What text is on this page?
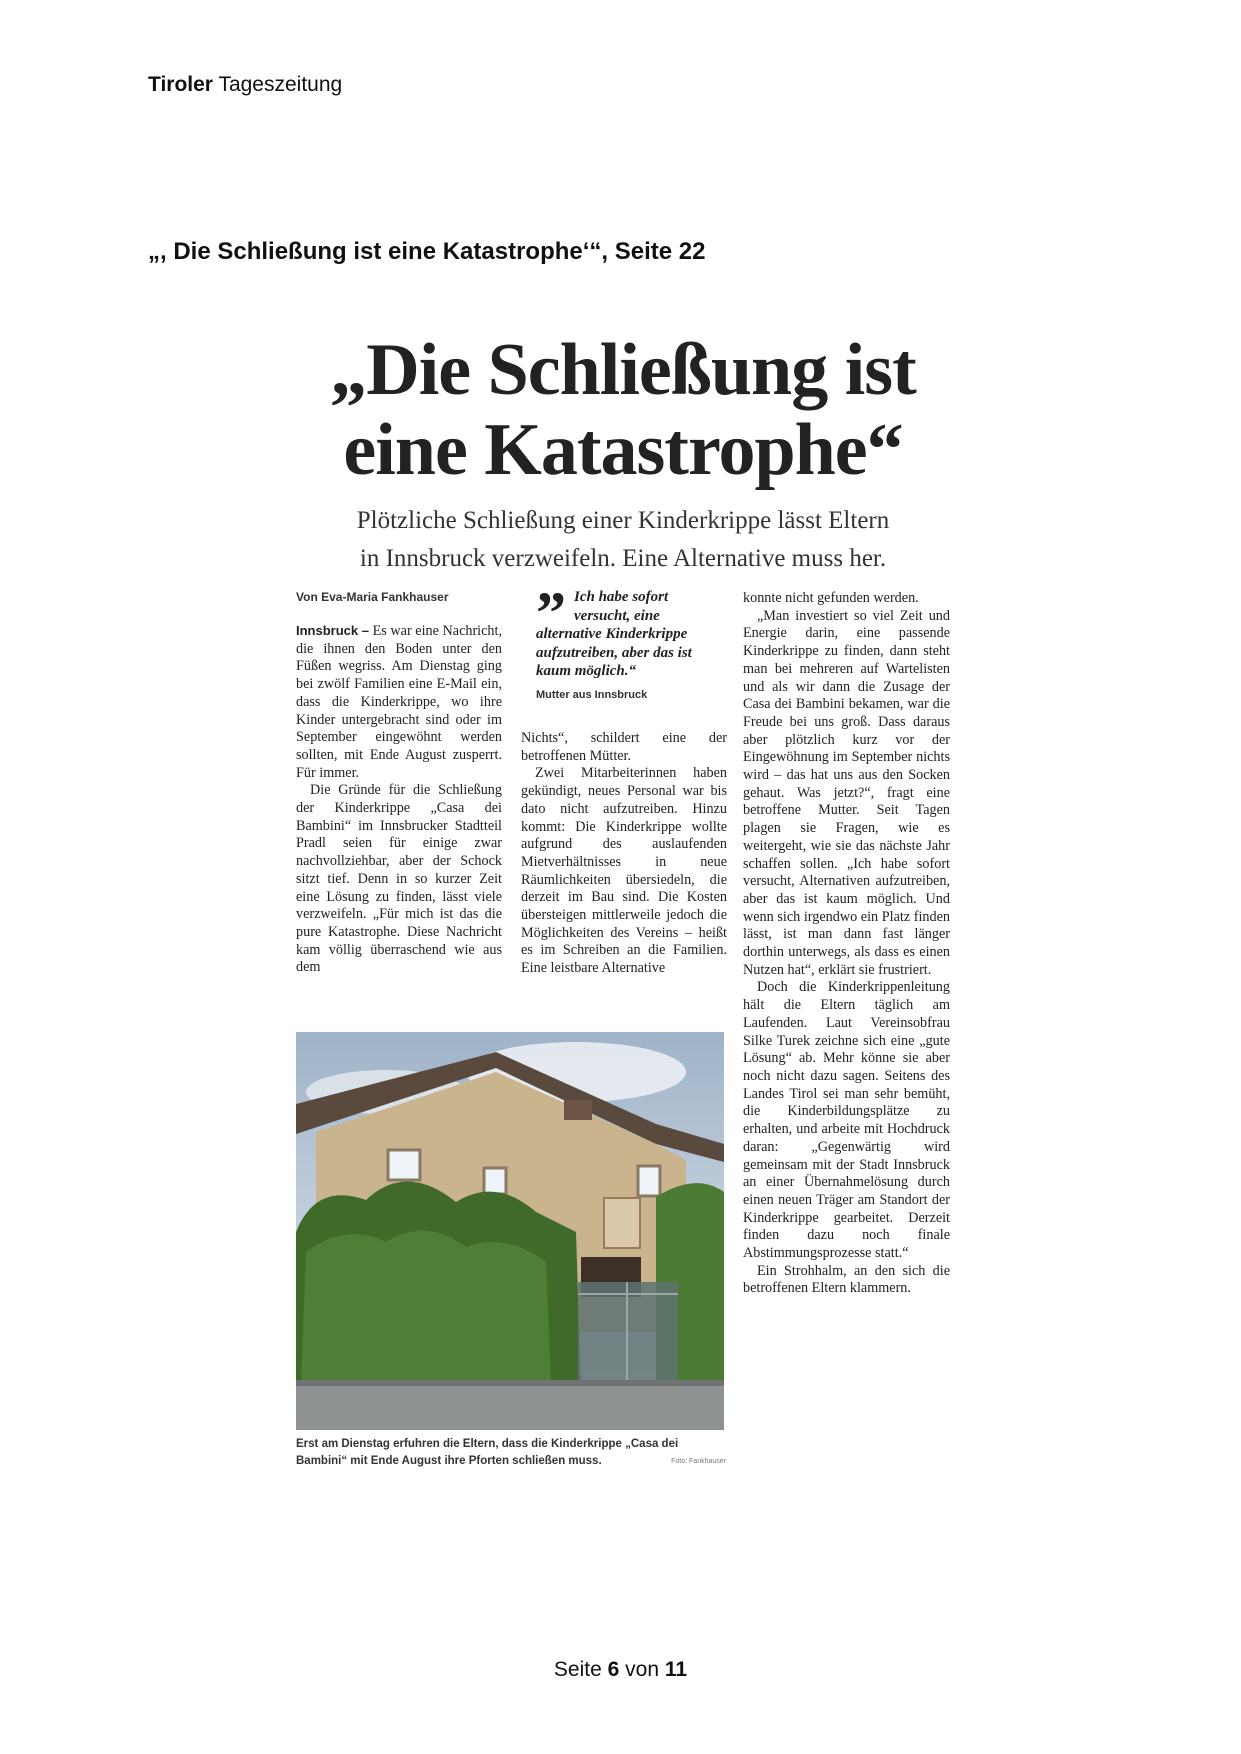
Tiroler Tageszeitung
„, Die Schließung ist eine Katastrophe‘“, Seite 22
„Die Schließung ist
eine Katastrophe“
Plötzliche Schließung einer Kinderkrippe lässt Eltern
in Innsbruck verzweifeln. Eine Alternative muss her.
Von Eva-Maria Fankhauser

Innsbruck – Es war eine Nachricht, die ihnen den Boden unter den Füßen wegriss. Am Dienstag ging bei zwölf Familien eine E-Mail ein, dass die Kinderkrippe, wo ihre Kinder untergebracht sind oder im September eingewöhnt werden sollten, mit Ende August zusperrt. Für immer.

Die Gründe für die Schließung der Kinderkrippe „Casa dei Bambini“ im Innsbrucker Stadtteil Pradl seien für einige zwar nachvollziehbar, aber der Schock sitzt tief. Denn in so kurzer Zeit eine Lösung zu finden, lässt viele verzweifeln. „Für mich ist das die pure Katastrophe. Diese Nachricht kam völlig überraschend wie aus dem

” Ich habe sofort versucht, eine
alternative Kinderkrippe aufzutreiben, aber das ist kaum möglich.“
Mutter aus Innsbruck

Nichts“, schildert eine der betroffenen Mütter.

Zwei Mitarbeiterinnen haben gekündigt, neues Personal war bis dato nicht aufzutreiben. Hinzu kommt: Die Kinderkrippe wollte aufgrund des auslaufenden Mietverhältnisses in neue Räumlichkeiten übersiedeln, die derzeit im Bau sind. Die Kosten übersteigen mittlerweile jedoch die Möglichkeiten des Vereins – heißt es im Schreiben an die Familien. Eine leistbare Alternative

konnte nicht gefunden werden.

„Man investiert so viel Zeit und Energie darin, eine passende Kinderkrippe zu finden, dann steht man bei mehreren auf Wartelisten und als wir dann die Zusage der Casa dei Bambini bekamen, war die Freude bei uns groß. Dass daraus aber plötzlich kurz vor der Eingewöhnung im September nichts wird – das hat uns aus den Socken gehaut. Was jetzt?“, fragt eine betroffene Mutter. Seit Tagen plagen sie Fragen, wie es weitergeht, wie sie das nächste Jahr schaffen sollen. „Ich habe sofort versucht, Alternativen aufzutreiben, aber das ist kaum möglich. Und wenn sich irgendwo ein Platz finden lässt, ist man dann fast länger dorthin unterwegs, als dass es einen Nutzen hat“, erklärt sie frustriert.

Doch die Kinderkrippenleitung hält die Eltern täglich am Laufenden. Laut Vereinsobfrau Silke Turek zeichne sich eine „gute Lösung“ ab. Mehr könne sie aber noch nicht dazu sagen. Seitens des Landes Tirol sei man sehr bemüht, die Kinderbildungsplätze zu erhalten, und arbeite mit Hochdruck daran: „Gegenwärtig wird gemeinsam mit der Stadt Innsbruck an einer Übernahmelösung durch einen neuen Träger am Standort der Kinderkrippe gearbeitet. Derzeit finden dazu noch finale Abstimmungsprozesse statt.“

Ein Strohhalm, an den sich die betroffenen Eltern klammern.

Erst am Dienstag erfuhren die Eltern, dass die Kinderkrippe „Casa dei Bambini“ mit Ende August ihre Pforten schließen muss.	Foto: Fankhauser
Seite 6 von 11
